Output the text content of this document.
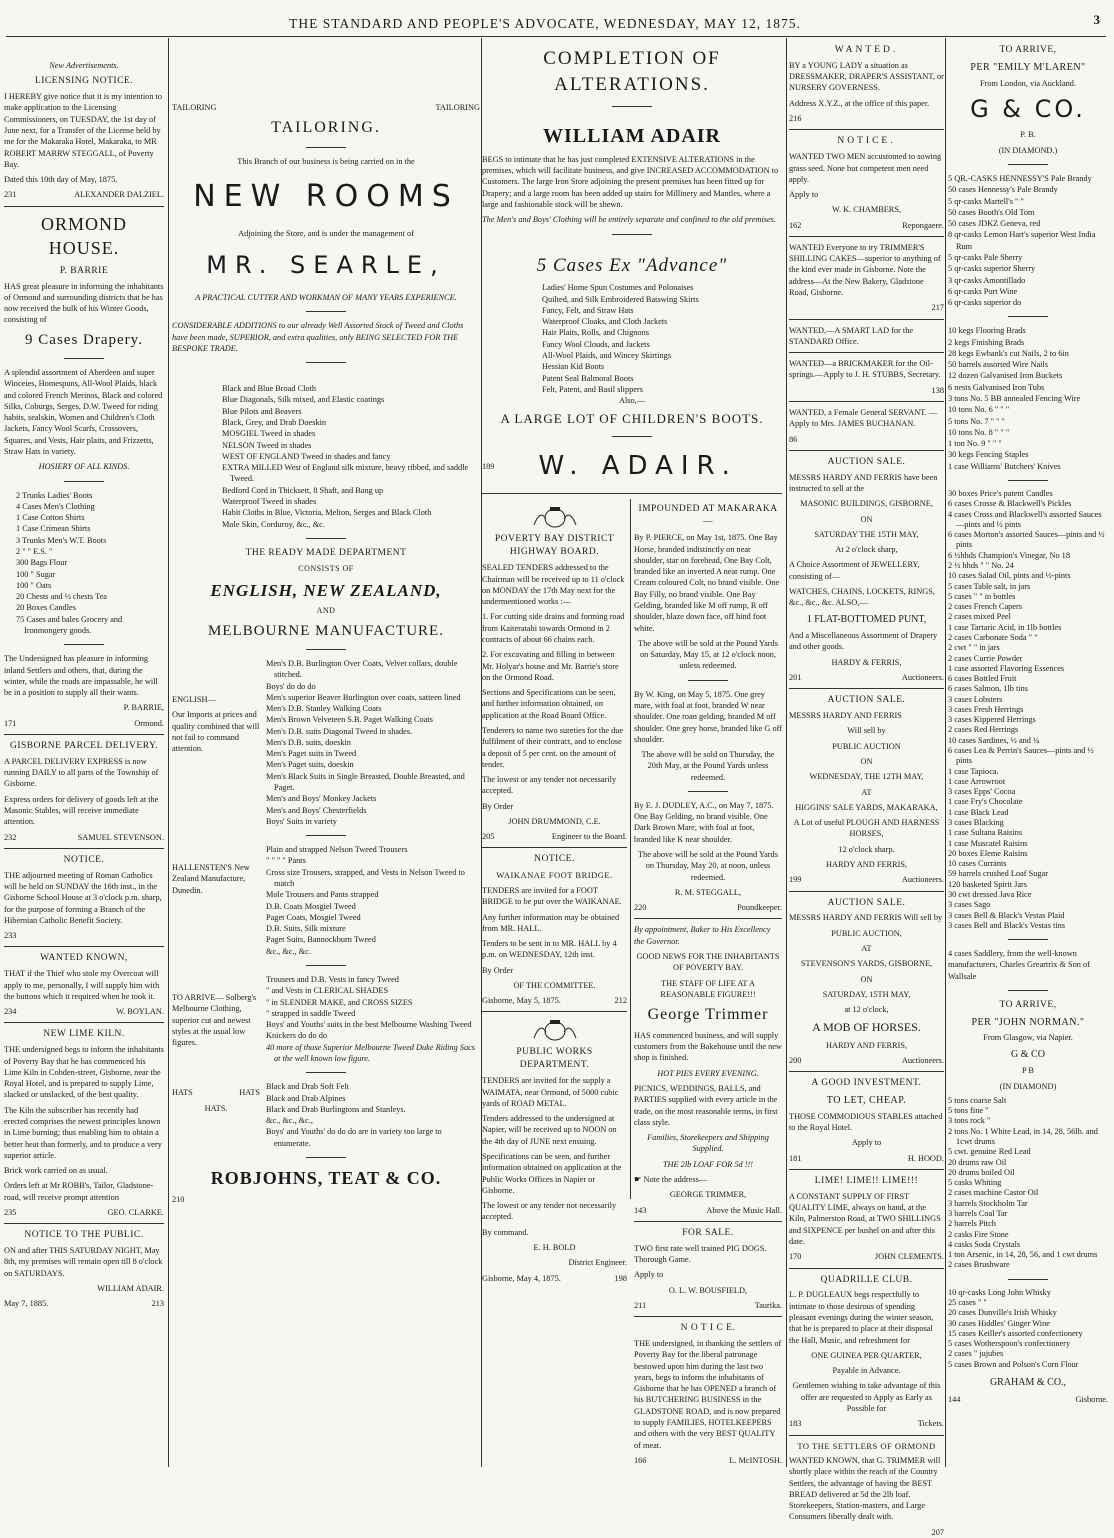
THE STANDARD AND PEOPLE'S ADVOCATE, WEDNESDAY, MAY 12, 1875.	3

New Advertisements.

LICENSING NOTICE.

I HEREBY give notice that it is my intention to make application to the Licensing Commissioners, on TUESDAY, the 1st day of June next, for a Transfer of the License held by me for the Makaraka Hotel, Makaraka, to MR ROBERT MARRW STEGGALL, of Poverty Bay.

Dated this 10th day of May, 1875.

231	ALEXANDER DALZIEL.
ORMOND HOUSE.
P. BARRIE

HAS great pleasure in informing the inhabitants of Ormond and surrounding districts that he has now received the bulk of his Winter Goods, consisting of

9 Cases Drapery.

A splendid assortment of Aberdeen and super Winceies, Homespuns, All-Wool Plaids, black and colored French Merinos, Black and colored Silks, Coburgs, Serges, D.W. Tweed for riding habits, sealskin, Women and Children's Cloth Jackets, Fancy Wool Scarfs, Crossovers, Squares, and Vests, Hair plaits, and Frizzetts, Straw Hats in variety.

HOSIERY OF ALL KINDS.

2 Trunks Ladies' Boots
4 Cases Men's Clothing
1 Case Cotton Shirts
1 Case Crimean Shirts
3 Trunks Men's W.T. Boots
2 " " E.S. "
300 Bags Flour
100 " Sugar
100 " Oats
20 Chests and ½ chests Tea
20 Boxes Candles
75 Cases and bales Grocery and Ironmongery goods.

The Undersigned has pleasure in informing inland Settlers and others, that, during the winter, while the roads are impassable, he will be in a position to supply all their wants.

P. BARRIE,

171	Ormond.
GISBORNE PARCEL DELIVERY.

A PARCEL DELIVERY EXPRESS is now running DAILY to all parts of the Township of Gisborne.

Express orders for delivery of goods left at the Masonic Stables, will receive immediate attention.

232	SAMUEL STEVENSON.
NOTICE.

THE adjourned meeting of Roman Catholics will be held on SUNDAY the 16th inst., in the Gisborne School House at 3 o'clock p.m. sharp, for the purpose of forming a Branch of the Hibernian Catholic Benefit Society.

233
WANTED KNOWN,

THAT if the Thief who stole my Overcoat will apply to me, personally, I will supply him with the buttons which it required when he took it.

234	W. BOYLAN.
NEW LIME KILN.

THE undersigned begs to inform the inhabitants of Poverty Bay that he has commenced his Lime Kiln in Cobden-street, Gisborne, near the Royal Hotel, and is prepared to supply Lime, slacked or unslacked, of the best quality.

The Kiln the subscriber has recently had erected comprises the newest principles known in Lime burning; thus enabling him to obtain a better heat than formerly, and to produce a very superior article.

Brick work carried on as usual.

Orders left at Mr ROBB's, Tailor, Gladstone-road, will receive prompt attention

235	GEO. CLARKE.
NOTICE TO THE PUBLIC.

ON and after THIS SATURDAY NIGHT, May 8th, my premises will remain open till 8 o'clock on SATURDAYS.

WILLIAM ADAIR.

May 7, 1885.	213
TAILORING	TAILORING
TAILORING.

This Branch of our business is being carried on in the

NEW ROOMS

Adjoining the Store, and is under the management of

MR. SEARLE,

A PRACTICAL CUTTER AND WORKMAN OF MANY YEARS EXPERIENCE.

CONSIDERABLE ADDITIONS to our already Well Assorted Stock of Tweed and Cloths have been made, SUPERIOR, and extra qualities, only BEING SELECTED FOR THE BESPOKE TRADE.

Black and Blue Broad Cloth
Blue Diagonals, Silk mixed, and Elastic coatings
Blue Pilots and Beavers
Black, Grey, and Drab Doeskin
MOSGIEL Tweed in shades
NELSON Tweed in shades
WEST OF ENGLAND Tweed in shades and fancy
EXTRA MILLED West of England silk mixture, heavy ribbed, and saddle Tweed.
Bedford Cord in Thicksett, 8 Shaft, and Bang up
Waterproof Tweed in shades
Habit Cloths in Blue, Victoria, Melton, Serges and Black Cloth
Mole Skin, Corduroy, &c., &c.
THE READY MADE DEPARTMENT
CONSISTS OF
ENGLISH, NEW ZEALAND,
AND
MELBOURNE MANUFACTURE.

ENGLISH—

Our Imports at prices and quality combined that will not fail to command attention.

Men's D.B. Burlington Over Coats, Velvet collars, double stitched.
Boys' do do do
Men's superior Beaver Burlington over coats, satteen lined
Men's D.B. Stanley Walking Coats
Men's Brown Velveteen S.B. Paget Walking Coats
Men's D.B. suits Diagonal Tweed in shades.
Men's D.B. suits, doeskin
Men's Paget suits in Tweed
Men's Paget suits, doeskin
Men's Black Suits in Single Breasted, Double Breasted, and Paget.
Men's and Boys' Monkey Jackets
Men's and Boys' Chesterfields
Boys' Suits in variety

HALLENSTEN'S New Zealand Manufacture, Dunedin.

Plain and strapped Nelson Tweed Trousers
" " " " Pants
Cross size Trousers, strapped, and Vests in Nelson Tweed to match
Mole Trousers and Pants strapped
D.B. Coats Mosgiel Tweed
Paget Coats, Mosgiel Tweed
D.B. Suits, Silk mixture
Paget Suits, Bannockburn Tweed
&c., &c., &c.

TO ARRIVE— Solberg's Melbourne Clothing, superior cut and newest styles at the usual low figures.

Trousers and D.B. Vests in fancy Tweed
" and Vests in CLERICAL SHADES
" in SLENDER MAKE, and CROSS SIZES
" strapped in saddle Tweed
Boys' and Youths' suits in the best Melbourne Washing Tweed
Knickers do do do
40 more of those Superior Melbourne Tweed Duke Riding Sacs at the well known low figure.
HATS	HATS

HATS.

Black and Drab Soft Felt
Black and Drab Alpines
Black and Drab Burlingtons and Stanleys.
&c., &c., &c.,
Boys' and Youths' do do do are in variety too large to enumerate.
ROBJOHNS, TEAT & CO.
210
COMPLETION OF ALTERATIONS.
WILLIAM ADAIR

BEGS to intimate that he has just completed EXTENSIVE ALTERATIONS in the premises, which will facilitate business, and give INCREASED ACCOMMODATION to Customers. The large Iron Store adjoining the present premises has been fitted up for Drapery; and a large room has been added up stairs for Millinery and Mantles, where a large and fashionable stock will be shewn.

The Men's and Boys' Clothing will be entirely separate and confined to the old premises.

5 Cases Ex "Advance"
Ladies' Home Spun Costumes and Polonaises
Quilted, and Silk Embroidered Batswing Skirts
Fancy, Felt, and Straw Hats
Waterproof Cloaks, and Cloth Jackets
Hair Plaits, Rolls, and Chignons
Fancy Wool Clouds, and Jackets
All-Wool Plaids, and Wincey Skirtings
Hessian Kid Boots
Patent Seal Balmoral Boots
Felt, Patent, and Basil slippers

Also,—

A LARGE LOT OF CHILDREN'S BOOTS.
189	W. ADAIR.
POVERTY BAY DISTRICT HIGHWAY BOARD.

SEALED TENDERS addressed to the Chairman will be received up to 11 o'clock on MONDAY the 17th May next for the undermentioned works :—

1. For cutting side drains and forming road from Kaiteratahi towards Ormond in 2 contracts of about 66 chains each.

2. For excavating and filling in between Mr. Holyar's house and Mr. Barrie's store on the Ormond Road.

Sections and Specifications can be seen, and further information obtained, on application at the Road Board Office.

Tenderers to name two sureties for the due fulfilment of their contract, and to enclose a deposit of 5 per cent. on the amount of tender.

The lowest or any tender not necessarily accepted.

By Order

JOHN DRUMMOND, C.E.

205	Engineer to the Board.
NOTICE.
WAIKANAE FOOT BRIDGE.

TENDERS are invited for a FOOT BRIDGE to be put over the WAIKANAE.

Any further information may be obtained from MR. HALL.

Tenders to be sent in to MR. HALL by 4 p.m. on WEDNESDAY, 12th inst.

By Order

OF THE COMMITTEE.

Gisborne, May 5, 1875.	212
PUBLIC WORKS DEPARTMENT.

TENDERS are invited for the supply a WAIMATA, near Ormond, of 5000 cubic yards of ROAD METAL.

Tenders addressed to the undersigned at Napier, will be received up to NOON on the 4th day of JUNE next ensuing.

Specifications can be seen, and further information obtained on application at the Public Works Offices in Napier or Gisborne.

The lowest or any tender not necessarily accepted.

By command.

E. H. BOLD

District Engineer.

Gisborne, May 4, 1875.	198
IMPOUNDED AT MAKARAKA—

By P. PIERCE, on May 1st, 1875. One Bay Horse, branded indistinctly on near shoulder, star on forehead, One Bay Colt, branded like an inverted A near rump. One Cream coloured Colt, no brand visible. One Bay Filly, no brand visible. One Bay Gelding, branded like M off rump, R off shoulder, blaze down face, off hind foot white.

The above will be sold at the Pound Yards on Saturday, May 15, at 12 o'clock noon, unless redeemed.

By W. King, on May 5, 1875. One grey mare, with foal at foot, branded W near shoulder. One roan gelding, branded M off shoulder. One grey horse, branded like G off shoulder.

The above will be sold on Thursday, the 20th May, at the Pound Yards unless redeemed.

By E. J. DUDLEY, A.C., on May 7, 1875. One Bay Gelding, no brand visible. One Dark Brown Mare, with foal at foot, branded like K near shoulder.

The above will be sold at the Pound Yards on Thursday, May 20, at noon, unless redeemed.

R. M. STEGGALL,

220	Poundkeeper.

By appointment, Baker to His Excellency the Governor.

GOOD NEWS FOR THE INHABITANTS OF POVERTY BAY.

THE STAFF OF LIFE AT A REASONABLE FIGURE!!!

George Trimmer

HAS commenced business, and will supply customers from the Bakehouse until the new shop is finished.

HOT PIES EVERY EVENING.

PICNICS, WEDDINGS, BALLS, and PARTIES supplied with every article in the trade, on the most reasonable terms, in first class style.

Families, Storekeepers and Shipping Supplied.

THE 2lb LOAF FOR 5d !!!

☛ Note the address—

GEORGE TRIMMER,

143	Above the Music Hall.
FOR SALE.

TWO first rate well trained PIG DOGS. Thorough Game.

Apply to

O. L. W. BOUSFIELD,

211	Taurika.
N O T I C E.

THE undersigned, in thanking the settlers of Poverty Bay for the liberal patronage bestowed upon him during the last two years, begs to inform the inhabitants of Gisborne that he has OPENED a branch of his BUTCHERING BUSINESS in the GLADSTONE ROAD, and is now prepared to supply FAMILIES, HOTELKEEPERS and others with the very BEST QUALITY of meat.

166	L. McINTOSH.
WANTED.

BY a YOUNG LADY a situation as DRESSMAKER, DRAPER'S ASSISTANT, or NURSERY GOVERNESS.

Address X.Y.Z., at the office of this paper.

216
NOTICE.

WANTED TWO MEN accustomed to sowing grass seed. None but competent men need apply.

Apply to

W. K. CHAMBERS,

162	Repongaere.

WANTED Everyone to try TRIMMER'S SHILLING CAKES—superior to anything of the kind ever made in Gisborne. Note the address—At the New Bakery, Gladstone Road, Gisborne.

217

WANTED,—A SMART LAD for the STANDARD Office.

WANTED—a BRICKMAKER for the Oil-springs.—Apply to J. H. STUBBS, Secretary.

138

WANTED, a Female General SERVANT. —Apply to Mrs. JAMES BUCHANAN.

86
AUCTION SALE.

MESSRS HARDY AND FERRIS have been instructed to sell at the

MASONIC BUILDINGS, GISBORNE,

ON

SATURDAY THE 15TH MAY,

At 2 o'clock sharp,

A Choice Assortment of JEWELLERY, consisting of—

WATCHES, CHAINS, LOCKETS, RINGS, &c., &c., &c. ALSO,—

1 FLAT-BOTTOMED PUNT,

And a Miscellaneous Assortment of Drapery and other goods.

HARDY & FERRIS,

201	Auctioneers.
AUCTION SALE.

MESSRS HARDY AND FERRIS

Will sell by

PUBLIC AUCTION

ON

WEDNESDAY, THE 12TH MAY,

AT

HIGGINS' SALE YARDS, MAKARAKA,

A Lot of useful PLOUGH AND HARNESS HORSES,

12 o'clock sharp.

HARDY AND FERRIS,

199	Auctioneers.
AUCTION SALE.

MESSRS HARDY AND FERRIS Will sell by

PUBLIC AUCTION,

AT

STEVENSON'S YARDS, GISBORNE,

ON

SATURDAY, 15TH MAY,

at 12 o'clock,

A MOB OF HORSES.

HARDY AND FERRIS,

200	Auctioneers.
A GOOD INVESTMENT.
TO LET, CHEAP.

THOSE COMMODIOUS STABLES attached to the Royal Hotel.

Apply to

181	H. HOOD.
LIME! LIME!! LIME!!!

A CONSTANT SUPPLY OF FIRST QUALITY LIME, always on hand, at the Kiln, Palmerston Road, at TWO SHILLINGS and SIXPENCE per bushel on and after this date.

170	JOHN CLEMENTS.
QUADRILLE CLUB.

L. P. DUGLEAUX begs respectfully to intimate to those desirous of spending pleasant evenings during the winter season, that he is prepared to place at their disposal the Hall, Music, and refreshment for

ONE GUINEA PER QUARTER,

Payable in Advance.

Gentlemen wishing to take advantage of this offer are requested to Apply as Early as Possible for

183	Tickets.
TO THE SETTLERS OF ORMOND

WANTED KNOWN, that G. TRIMMER will shortly place within the reach of the Country Settlers, the advantage of having the BEST BREAD delivered at 5d the 2lb loaf. Storekeepers, Station-masters, and Large Consumers liberally dealt with.

207
TO ARRIVE,
PER "EMILY M'LAREN"

From London, via Auckland.

G & CO.

P. B.

(IN DIAMOND.)

5 QR.-CASKS HENNESSY'S Pale Brandy
50 cases Hennessy's Pale Brandy
5 qr-casks Martell's " "
50 cases Booth's Old Tom
50 cases JDKZ Geneva, red
8 qr-casks Lemon Hart's superior West India Rum
5 qr-casks Pale Sherry
5 qr-casks superior Sherry
3 qr-casks Amontillado
6 qr-casks Port Wine
6 qr-casks superior do
10 kegs Flooring Brads
2 kegs Finishing Brads
28 kegs Ewbank's cut Nails, 2 to 6in
50 barrels assorted Wire Nails
12 dozen Galvanised Iron Buckets
6 nests Galvanised Iron Tubs
3 tons No. 5 BB annealed Fencing Wire
10 tons No. 6 " " "
5 tons No. 7 " " "
10 tons No. 8 " " "
1 ton No. 9 " " "
30 kegs Fencing Staples
1 case Williams' Butchers' Knives
30 boxes Price's patent Candles
6 cases Crosse & Blackwell's Pickles
4 cases Cross and Blackwell's assorted Sauces—pints and ½ pints
6 cases Morton's assorted Sauces—pints and ½ pints
6 ½hhds Champion's Vinegar, No 18
2 ½ hhds " " No. 24
10 cases Salad Oil, pints and ½-pints
5 cases Table salt, in jars
5 cases " " in bottles
2 cases French Capers
2 cases mixed Peel
1 case Tartaric Acid, in 1lb bottles
2 cases Carbonate Soda " "
2 cwt " " in jars
2 cases Currie Powder
1 case assorted Flavoring Essences
6 cases Bottled Fruit
6 cases Salmon, 1lb tins
3 cases Lobsters
3 cases Fresh Herrings
3 cases Kippered Herrings
2 cases Red Herrings
10 cases Sardines, ½ and ¼
6 cases Lea & Perrin's Sauces—pints and ½ pints
1 case Tapioca.
1 case Arrowroot
3 cases Epps' Cocoa
1 case Fry's Chocolate
1 case Black Lead
3 cases Blacking
1 case Sultana Raisins
1 case Muscatel Raisins
20 boxes Eleme Raisins
10 cases Currants
59 barrels crushed Loaf Sugar
120 basketed Spirit Jars
30 cwt dressed Java Rice
3 cases Sago
3 cases Bell & Black's Vestas Plaid
3 cases Bell and Black's Vestas tins

4 cases Saddlery, from the well-known manufacturers, Charles Greartrix & Son of Wallsale

TO ARRIVE,
PER "JOHN NORMAN."

From Glasgow, via Napier.

G & CO

P B

(IN DIAMOND)

5 tons coarse Salt
5 tons fine "
3 tons rock "
2 tons No. 1 White Lead, in 14, 28, 56lb. and 1cwt drums
5 cwt. genuine Red Lead
20 drums raw Oil
20 drums boiled Oil
5 casks Whiting
2 cases machine Castor Oil
3 barrels Stockholm Tar
3 barrels Coal Tar
2 barrels Pitch
2 casks Fire Stone
4 casks Soda Crystals
1 ton Arsenic, in 14, 28, 56, and 1 cwt drums
2 cases Brushware
10 qr-casks Long John Whisky
25 cases " "
20 cases Dunville's Irish Whisky
30 cases Hiddles' Ginger Wine
15 cases Keiller's assorted confectionery
5 cases Wotherspoon's confectionery
2 cases " jujubes
5 cases Brown and Polson's Corn Flour

GRAHAM & CO.,

144	Gisborne.
